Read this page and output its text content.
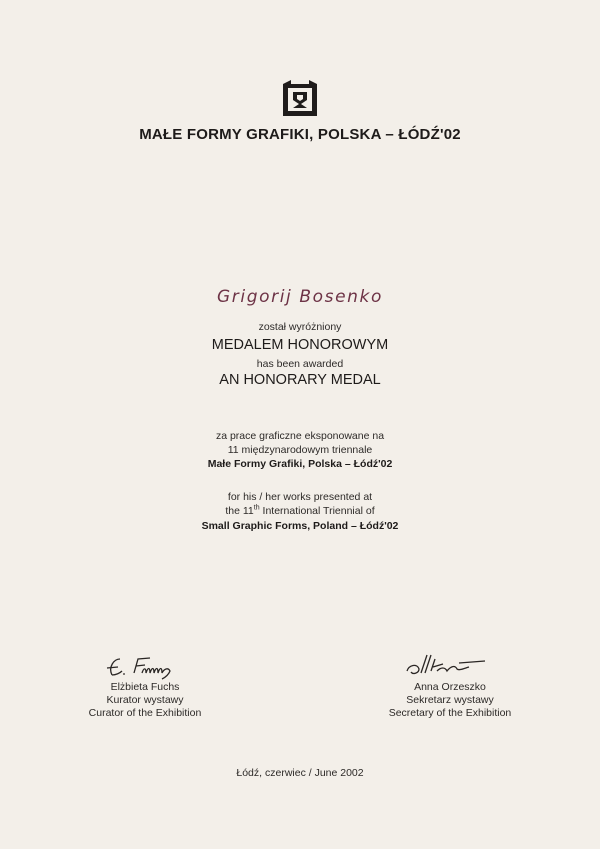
MAŁE FORMY GRAFIKI, POLSKA – ŁÓDŹ'02
Grigorij Bosenko
został wyróżniony
MEDALEM HONOROWYM
has been awarded
AN HONORARY MEDAL
za prace graficzne eksponowane na
11 międzynarodowym triennale
Małe Formy Grafiki, Polska – Łódź'02
for his / her works presented at
the 11th International Triennial of
Small Graphic Forms, Poland – Łódź'02
Elżbieta Fuchs
Kurator wystawy
Curator of the Exhibition
Anna Orzeszko
Sekretarz wystawy
Secretary of the Exhibition
Łódź, czerwiec / June 2002
